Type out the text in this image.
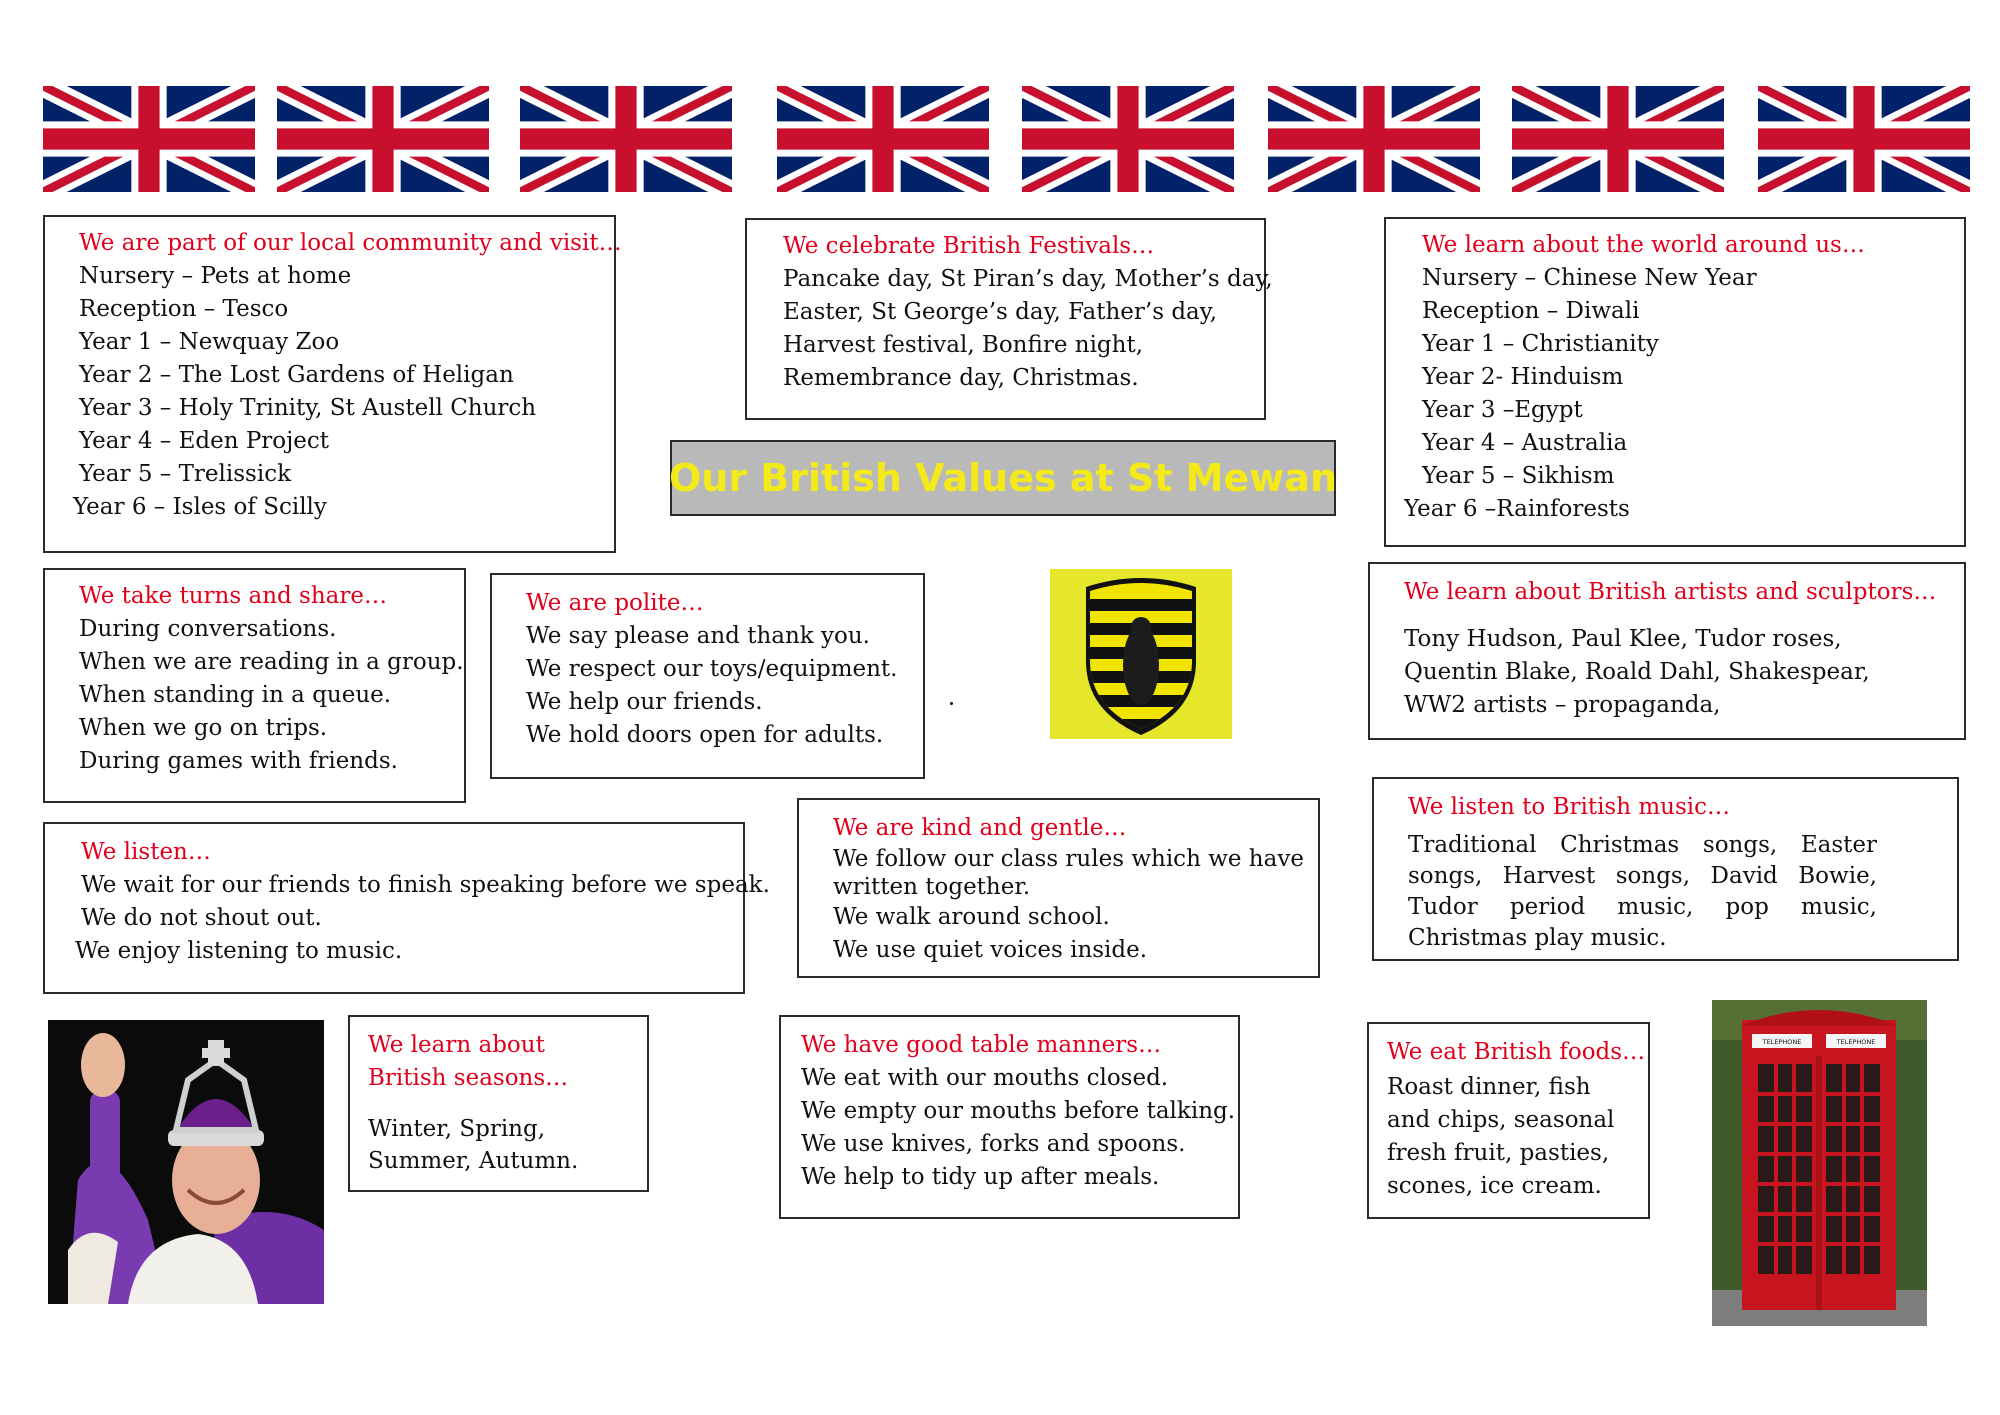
We are part of our local community and visit…
Nursery – Pets at home
Reception – Tesco
Year 1 – Newquay Zoo
Year 2 – The Lost Gardens of Heligan
Year 3 – Holy Trinity, St Austell Church
Year 4 – Eden Project
Year 5 – Trelissick
Year 6 – Isles of Scilly
We celebrate British Festivals…
Pancake day, St Piran’s day, Mother’s day,
Easter, St George’s day, Father’s day,
Harvest festival, Bonfire night,
Remembrance day, Christmas.
We learn about the world around us…
Nursery – Chinese New Year
Reception – Diwali
Year 1 – Christianity
Year 2- Hinduism
Year 3 –Egypt
Year 4 – Australia
Year 5 – Sikhism
Year 6 –Rainforests
Our British Values at St Mewan
We take turns and share…
During conversations.
When we are reading in a group.
When standing in a queue.
When we go on trips.
During games with friends.
We are polite…
We say please and thank you.
We respect our toys/equipment.
We help our friends.
We hold doors open for adults.
We learn about British artists and sculptors…
Tony Hudson, Paul Klee, Tudor roses, Quentin Blake, Roald Dahl, Shakespear, WW2 artists – propaganda,
We listen…
We wait for our friends to finish speaking before we speak.
We do not shout out.
We enjoy listening to music.
We are kind and gentle…
We follow our class rules which we have
written together.
We walk around school.
We use quiet voices inside.
We listen to British music…
Traditional Christmas songs, Easter songs, Harvest songs, David Bowie, Tudor period music, pop music, Christmas play music.
We learn about British seasons…
Winter, Spring, Summer, Autumn.
We have good table manners…
We eat with our mouths closed.
We empty our mouths before talking.
We use knives, forks and spoons.
We help to tidy up after meals.
We eat British foods…
Roast dinner, fish and chips, seasonal fresh fruit, pasties, scones, ice cream.
TELEPHONE	TELEPHONE
